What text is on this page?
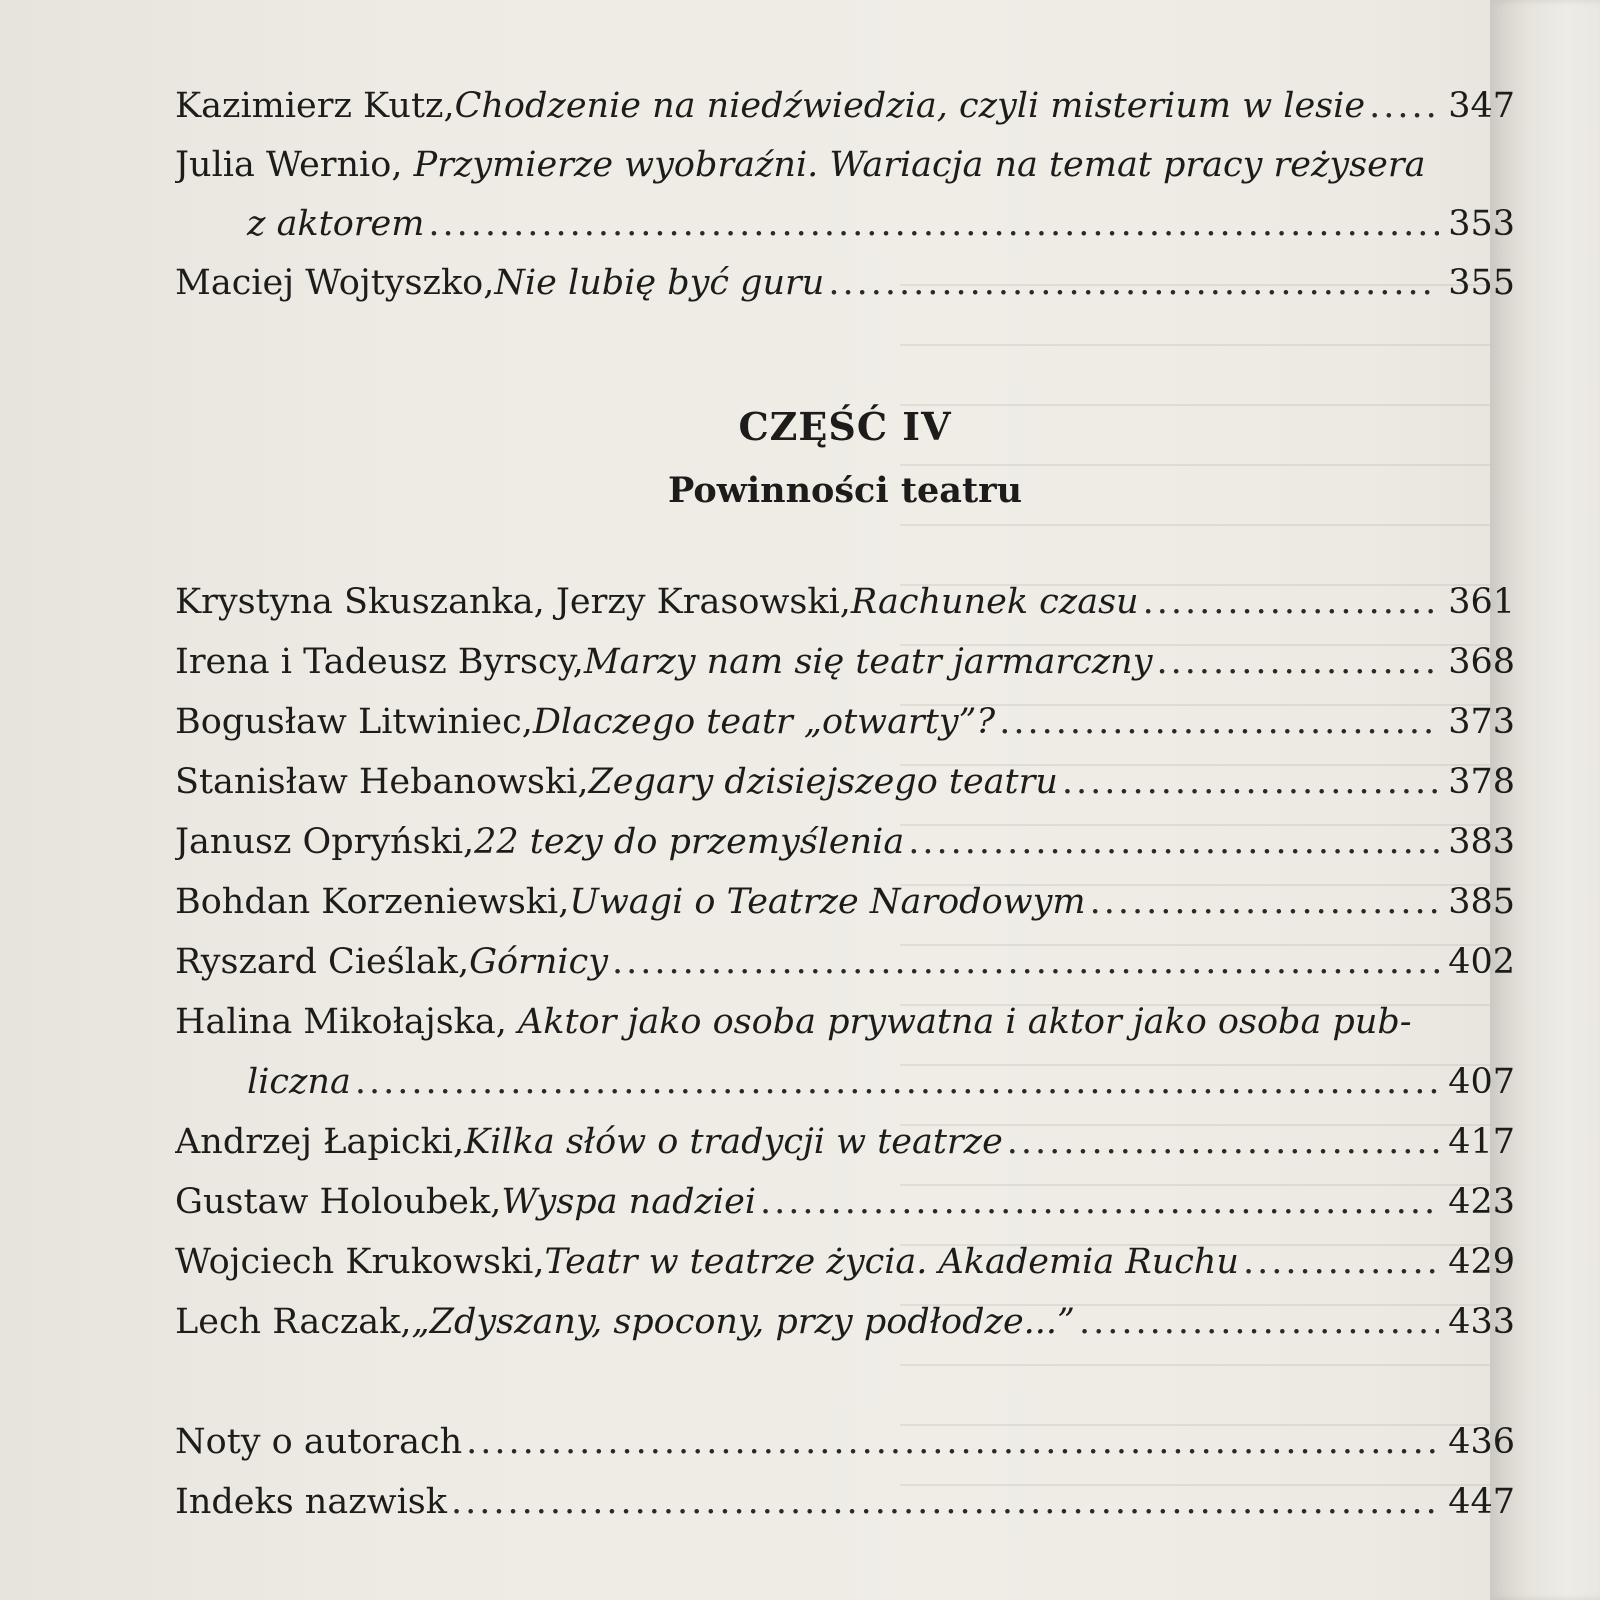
Kazimierz Kutz, Chodzenie na niedźwiedzia, czyli misterium w lesie ..... 347
Julia Wernio, Przymierze wyobraźni. Wariacja na temat pracy reżysera
z aktorem .....	353
Maciej Wojtyszko, Nie lubię być guru .....	355
CZĘŚĆ IV
Powinności teatru
Krystyna Skuszanka, Jerzy Krasowski, Rachunek czasu .....	361
Irena i Tadeusz Byrscy, Marzy nam się teatr jarmarczny .....	368
Bogusław Litwiniec, Dlaczego teatr „otwarty”? .....	373
Stanisław Hebanowski, Zegary dzisiejszego teatru .....	378
Janusz Opryński, 22 tezy do przemyślenia .....	383
Bohdan Korzeniewski, Uwagi o Teatrze Narodowym .....	385
Ryszard Cieślak, Górnicy .....	402
Halina Mikołajska, Aktor jako osoba prywatna i aktor jako osoba pub-
liczna .....	407
Andrzej Łapicki, Kilka słów o tradycji w teatrze .....	417
Gustaw Holoubek, Wyspa nadziei .....	423
Wojciech Krukowski, Teatr w teatrze życia. Akademia Ruchu .....	429
Lech Raczak, „Zdyszany, spocony, przy podłodze...” .....	433
Noty o autorach .....	436
Indeks nazwisk .....	447
